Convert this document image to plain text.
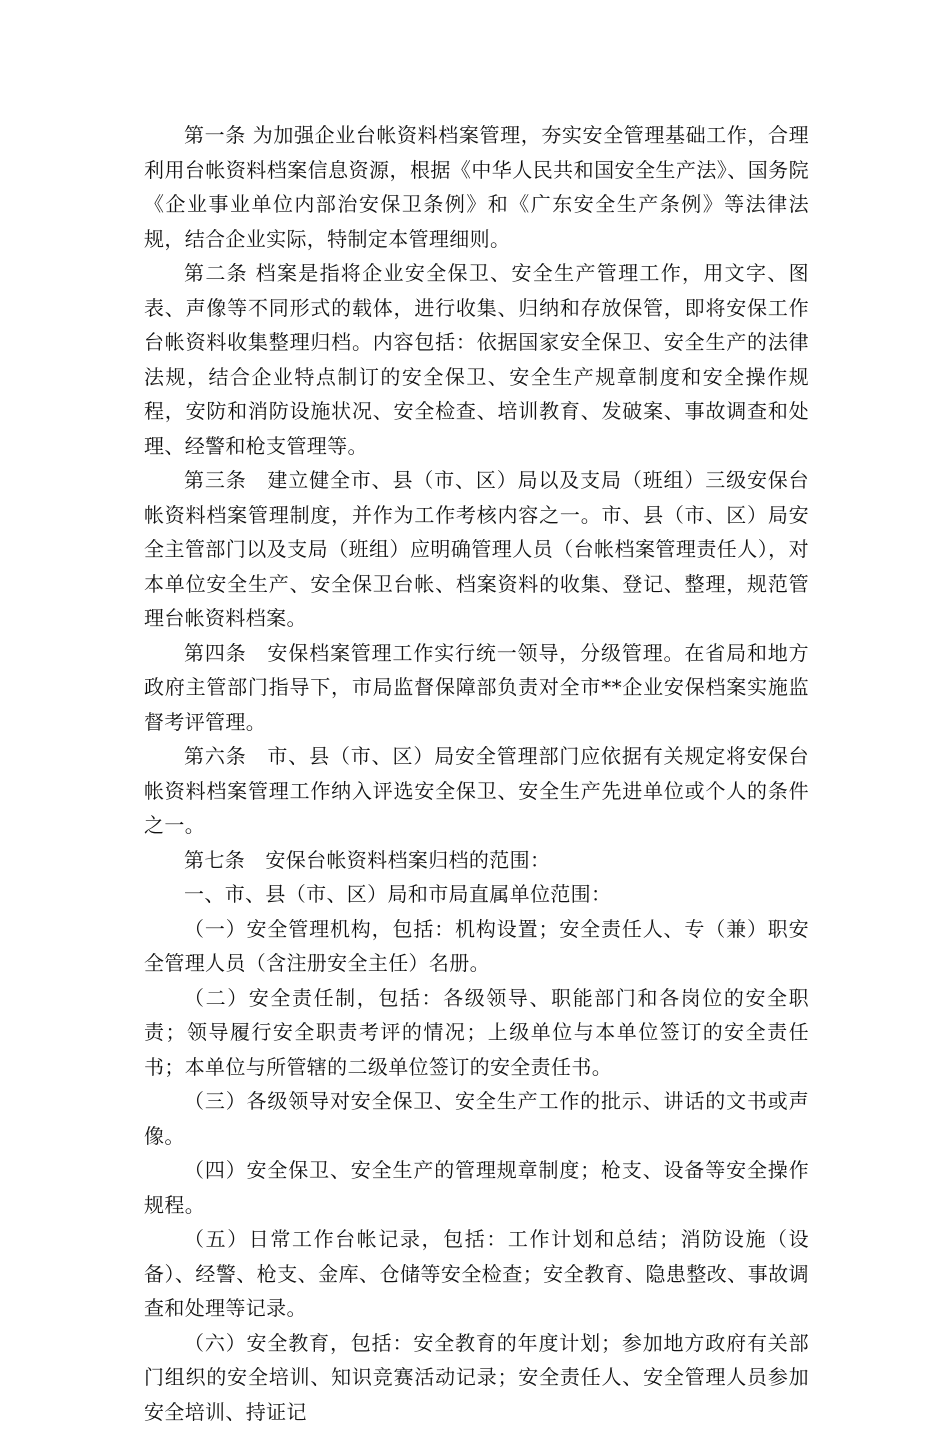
第一条 为加强企业台帐资料档案管理，夯实安全管理基础工作，合理利用台帐资料档案信息资源，根据《中华人民共和国安全生产法》、国务院《企业事业单位内部治安保卫条例》和《广东安全生产条例》等法律法规，结合企业实际，特制定本管理细则。

第二条 档案是指将企业安全保卫、安全生产管理工作，用文字、图表、声像等不同形式的载体，进行收集、归纳和存放保管，即将安保工作台帐资料收集整理归档。内容包括：依据国家安全保卫、安全生产的法律法规，结合企业特点制订的安全保卫、安全生产规章制度和安全操作规程，安防和消防设施状况、安全检查、培训教育、发破案、事故调查和处理、经警和枪支管理等。

第三条　建立健全市、县（市、区）局以及支局（班组）三级安保台帐资料档案管理制度，并作为工作考核内容之一。市、县（市、区）局安全主管部门以及支局（班组）应明确管理人员（台帐档案管理责任人），对本单位安全生产、安全保卫台帐、档案资料的收集、登记、整理，规范管理台帐资料档案。

第四条　安保档案管理工作实行统一领导，分级管理。在省局和地方政府主管部门指导下，市局监督保障部负责对全市**企业安保档案实施监督考评管理。

第六条　市、县（市、区）局安全管理部门应依据有关规定将安保台帐资料档案管理工作纳入评选安全保卫、安全生产先进单位或个人的条件之一。

第七条　安保台帐资料档案归档的范围：

一、市、县（市、区）局和市局直属单位范围：

（一）安全管理机构，包括：机构设置；安全责任人、专（兼）职安全管理人员（含注册安全主任）名册。

（二）安全责任制，包括：各级领导、职能部门和各岗位的安全职责；领导履行安全职责考评的情况；上级单位与本单位签订的安全责任书；本单位与所管辖的二级单位签订的安全责任书。

（三）各级领导对安全保卫、安全生产工作的批示、讲话的文书或声像。

（四）安全保卫、安全生产的管理规章制度；枪支、设备等安全操作规程。

（五）日常工作台帐记录，包括：工作计划和总结；消防设施（设备）、经警、枪支、金库、仓储等安全检查；安全教育、隐患整改、事故调查和处理等记录。

（六）安全教育，包括：安全教育的年度计划；参加地方政府有关部门组织的安全培训、知识竞赛活动记录；安全责任人、安全管理人员参加安全培训、持证记
